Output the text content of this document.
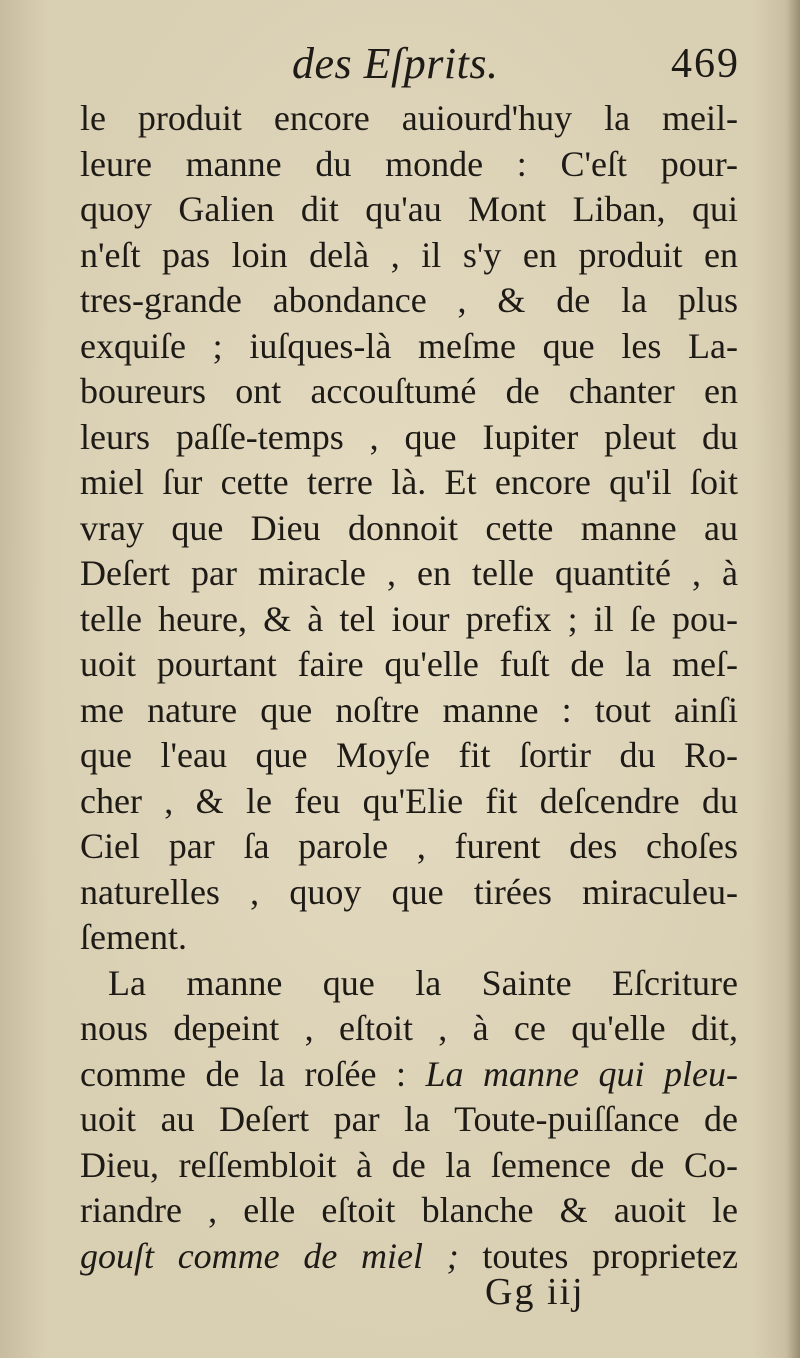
des Eſprits.	469
le produit encore auiourd'huy la meil-
leure manne du monde : C'eſt pour-
quoy Galien dit qu'au Mont Liban, qui
n'eſt pas loin delà , il s'y en produit en
tres-grande abondance , & de la plus
exquiſe ; iuſques-là meſme que les La-
boureurs ont accouſtumé de chanter en
leurs paſſe-temps , que Iupiter pleut du
miel ſur cette terre là. Et encore qu'il ſoit
vray que Dieu donnoit cette manne au
Deſert par miracle , en telle quantité , à
telle heure, & à tel iour prefix ; il ſe pou-
uoit pourtant faire qu'elle fuſt de la meſ-
me nature que noſtre manne : tout ainſi
que l'eau que Moyſe fit ſortir du Ro-
cher , & le feu qu'Elie fit deſcendre du
Ciel par ſa parole , furent des choſes
naturelles , quoy que tirées miraculeu-
ſement.
La manne que la Sainte Eſcriture
nous depeint , eſtoit , à ce qu'elle dit,
comme de la roſée : La manne qui pleu-
uoit au Deſert par la Toute-puiſſance de
Dieu, reſſembloit à de la ſemence de Co-
riandre , elle eſtoit blanche & auoit le
gouſt comme de miel ; toutes proprietez
Gg iij
